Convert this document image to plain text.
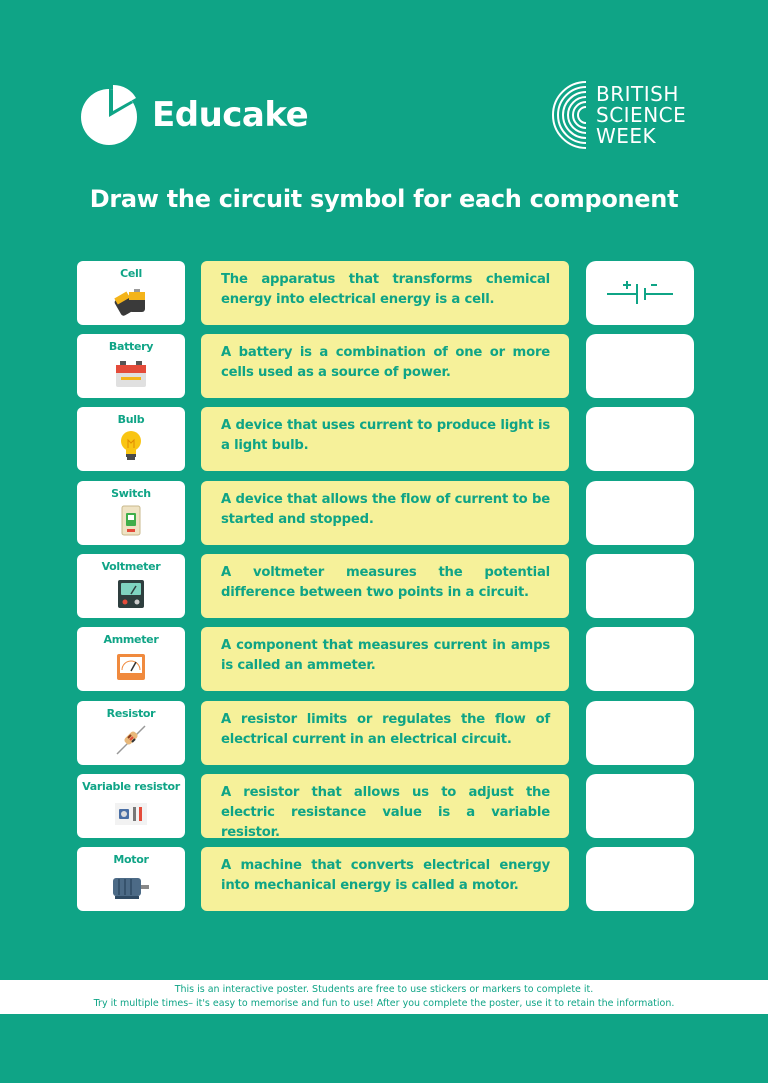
Educake
BRITISH
SCIENCE
WEEK
Draw the circuit symbol for each component
Cell	The apparatus that transforms chemical energy into electrical energy is a cell.
Battery	A battery is a combination of one or more cells used as a source of power.
Bulb	A device that uses current to produce light is a light bulb.
Switch	A device that allows the flow of current to be started and stopped.
Voltmeter	A voltmeter measures the potential difference between two points in a circuit.
Ammeter	A component that measures current in amps is called an ammeter.
Resistor	A resistor limits or regulates the flow of electrical current in an electrical circuit.
Variable resistor	A resistor that allows us to adjust the electric resistance value is a variable resistor.
Motor	A machine that converts electrical energy into mechanical energy is called a motor.
This is an interactive poster. Students are free to use stickers or markers to complete it.
Try it multiple times– it's easy to memorise and fun to use! After you complete the poster, use it to retain the information.
